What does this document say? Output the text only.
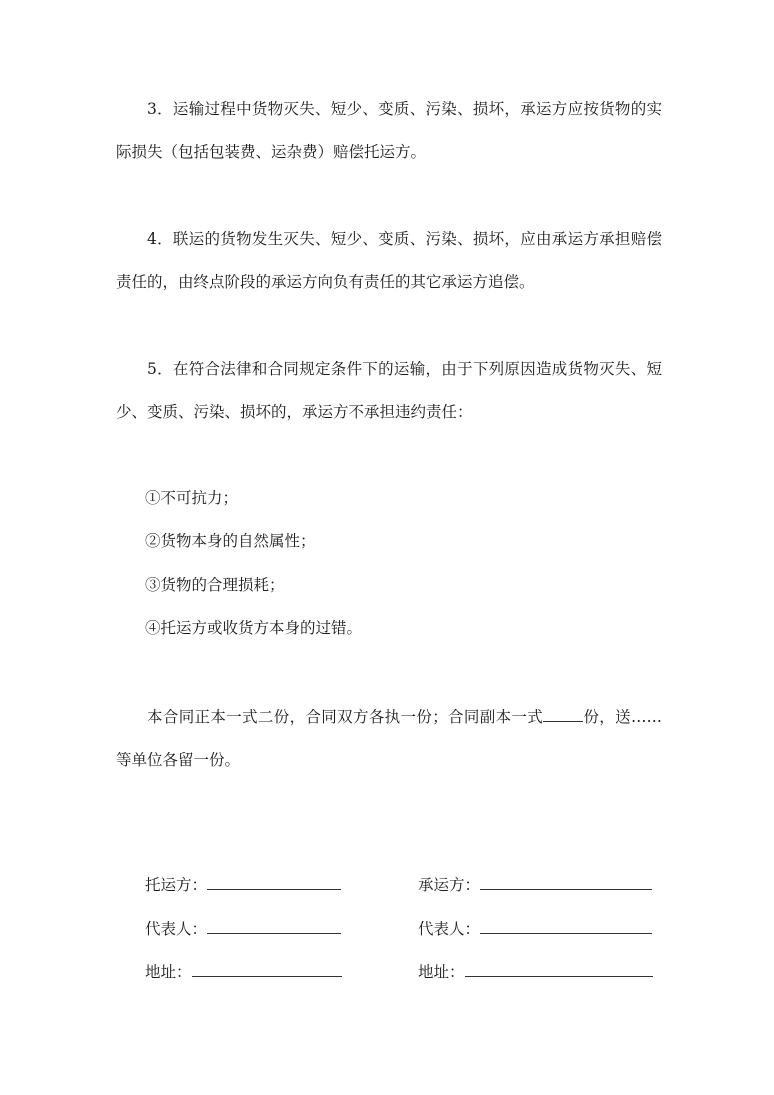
3．运输过程中货物灭失、短少、变质、污染、损坏，承运方应按货物的实际损失（包括包装费、运杂费）赔偿托运方。

4．联运的货物发生灭失、短少、变质、污染、损坏，应由承运方承担赔偿责任的，由终点阶段的承运方向负有责任的其它承运方追偿。

5．在符合法律和合同规定条件下的运输，由于下列原因造成货物灭失、短少、变质、污染、损坏的，承运方不承担违约责任：

①不可抗力；

②货物本身的自然属性；

③货物的合理损耗；

④托运方或收货方本身的过错。

本合同正本一式二份，合同双方各执一份；合同副本一式	份，送……等单位各留一份。

托运方：
代表人：
地址：
承运方：
代表人：
地址：
